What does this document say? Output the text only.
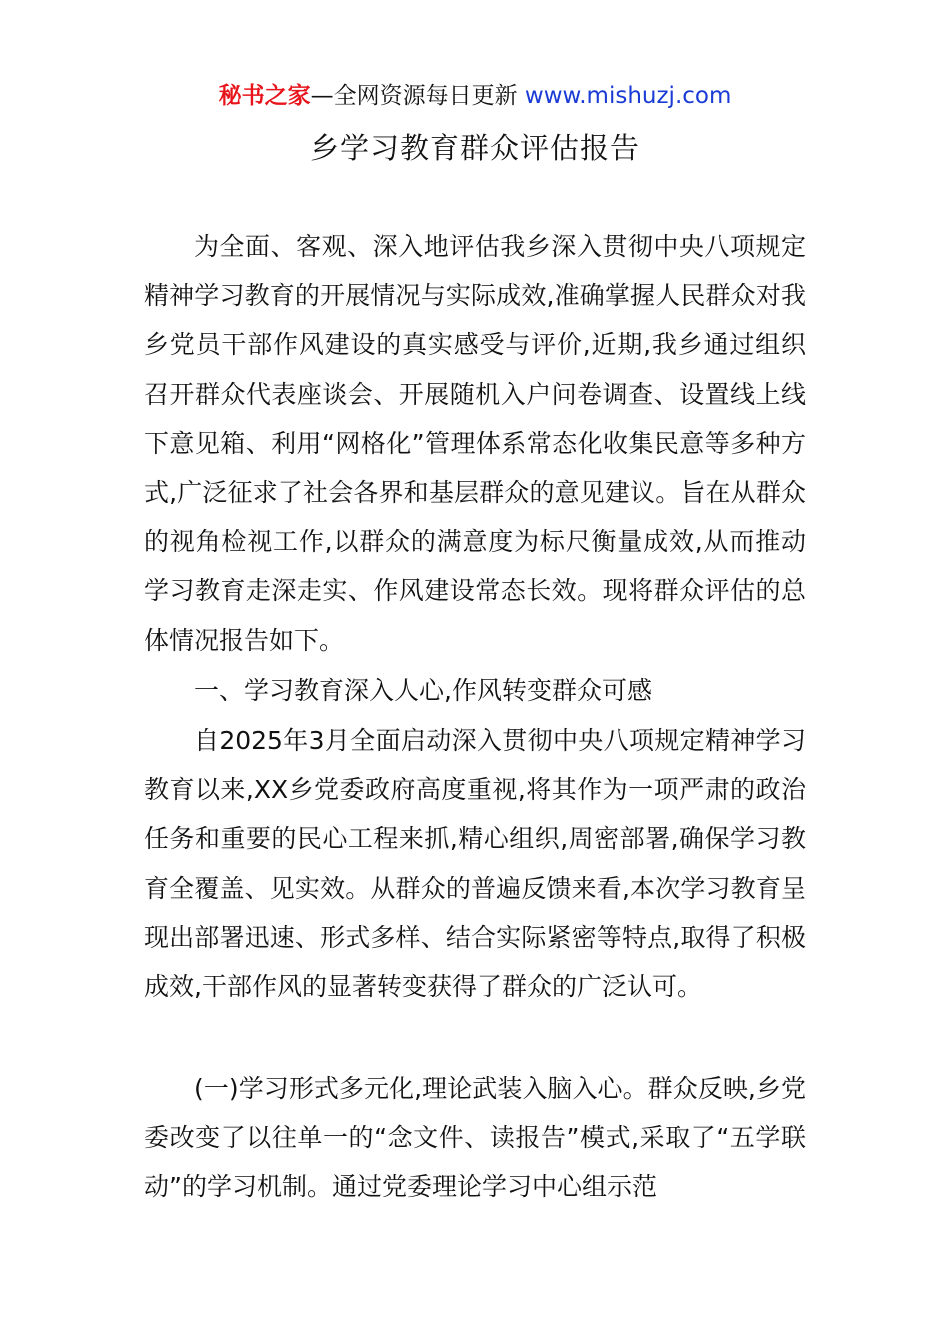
秘书之家—全网资源每日更新 www.mishuzj.com
乡学习教育群众评估报告

为全面、客观、深入地评估我乡深入贯彻中央八项规定精神学习教育的开展情况与实际成效,准确掌握人民群众对我乡党员干部作风建设的真实感受与评价,近期,我乡通过组织召开群众代表座谈会、开展随机入户问卷调查、设置线上线下意见箱、利用“网格化”管理体系常态化收集民意等多种方式,广泛征求了社会各界和基层群众的意见建议。旨在从群众的视角检视工作,以群众的满意度为标尺衡量成效,从而推动学习教育走深走实、作风建设常态长效。现将群众评估的总体情况报告如下。

一、学习教育深入人心,作风转变群众可感

自2025年3月全面启动深入贯彻中央八项规定精神学习教育以来,XX乡党委政府高度重视,将其作为一项严肃的政治任务和重要的民心工程来抓,精心组织,周密部署,确保学习教育全覆盖、见实效。从群众的普遍反馈来看,本次学习教育呈现出部署迅速、形式多样、结合实际紧密等特点,取得了积极成效,干部作风的显著转变获得了群众的广泛认可。

(一)学习形式多元化,理论武装入脑入心。群众反映,乡党委改变了以往单一的“念文件、读报告”模式,采取了“五学联动”的学习机制。通过党委理论学习中心组示范
